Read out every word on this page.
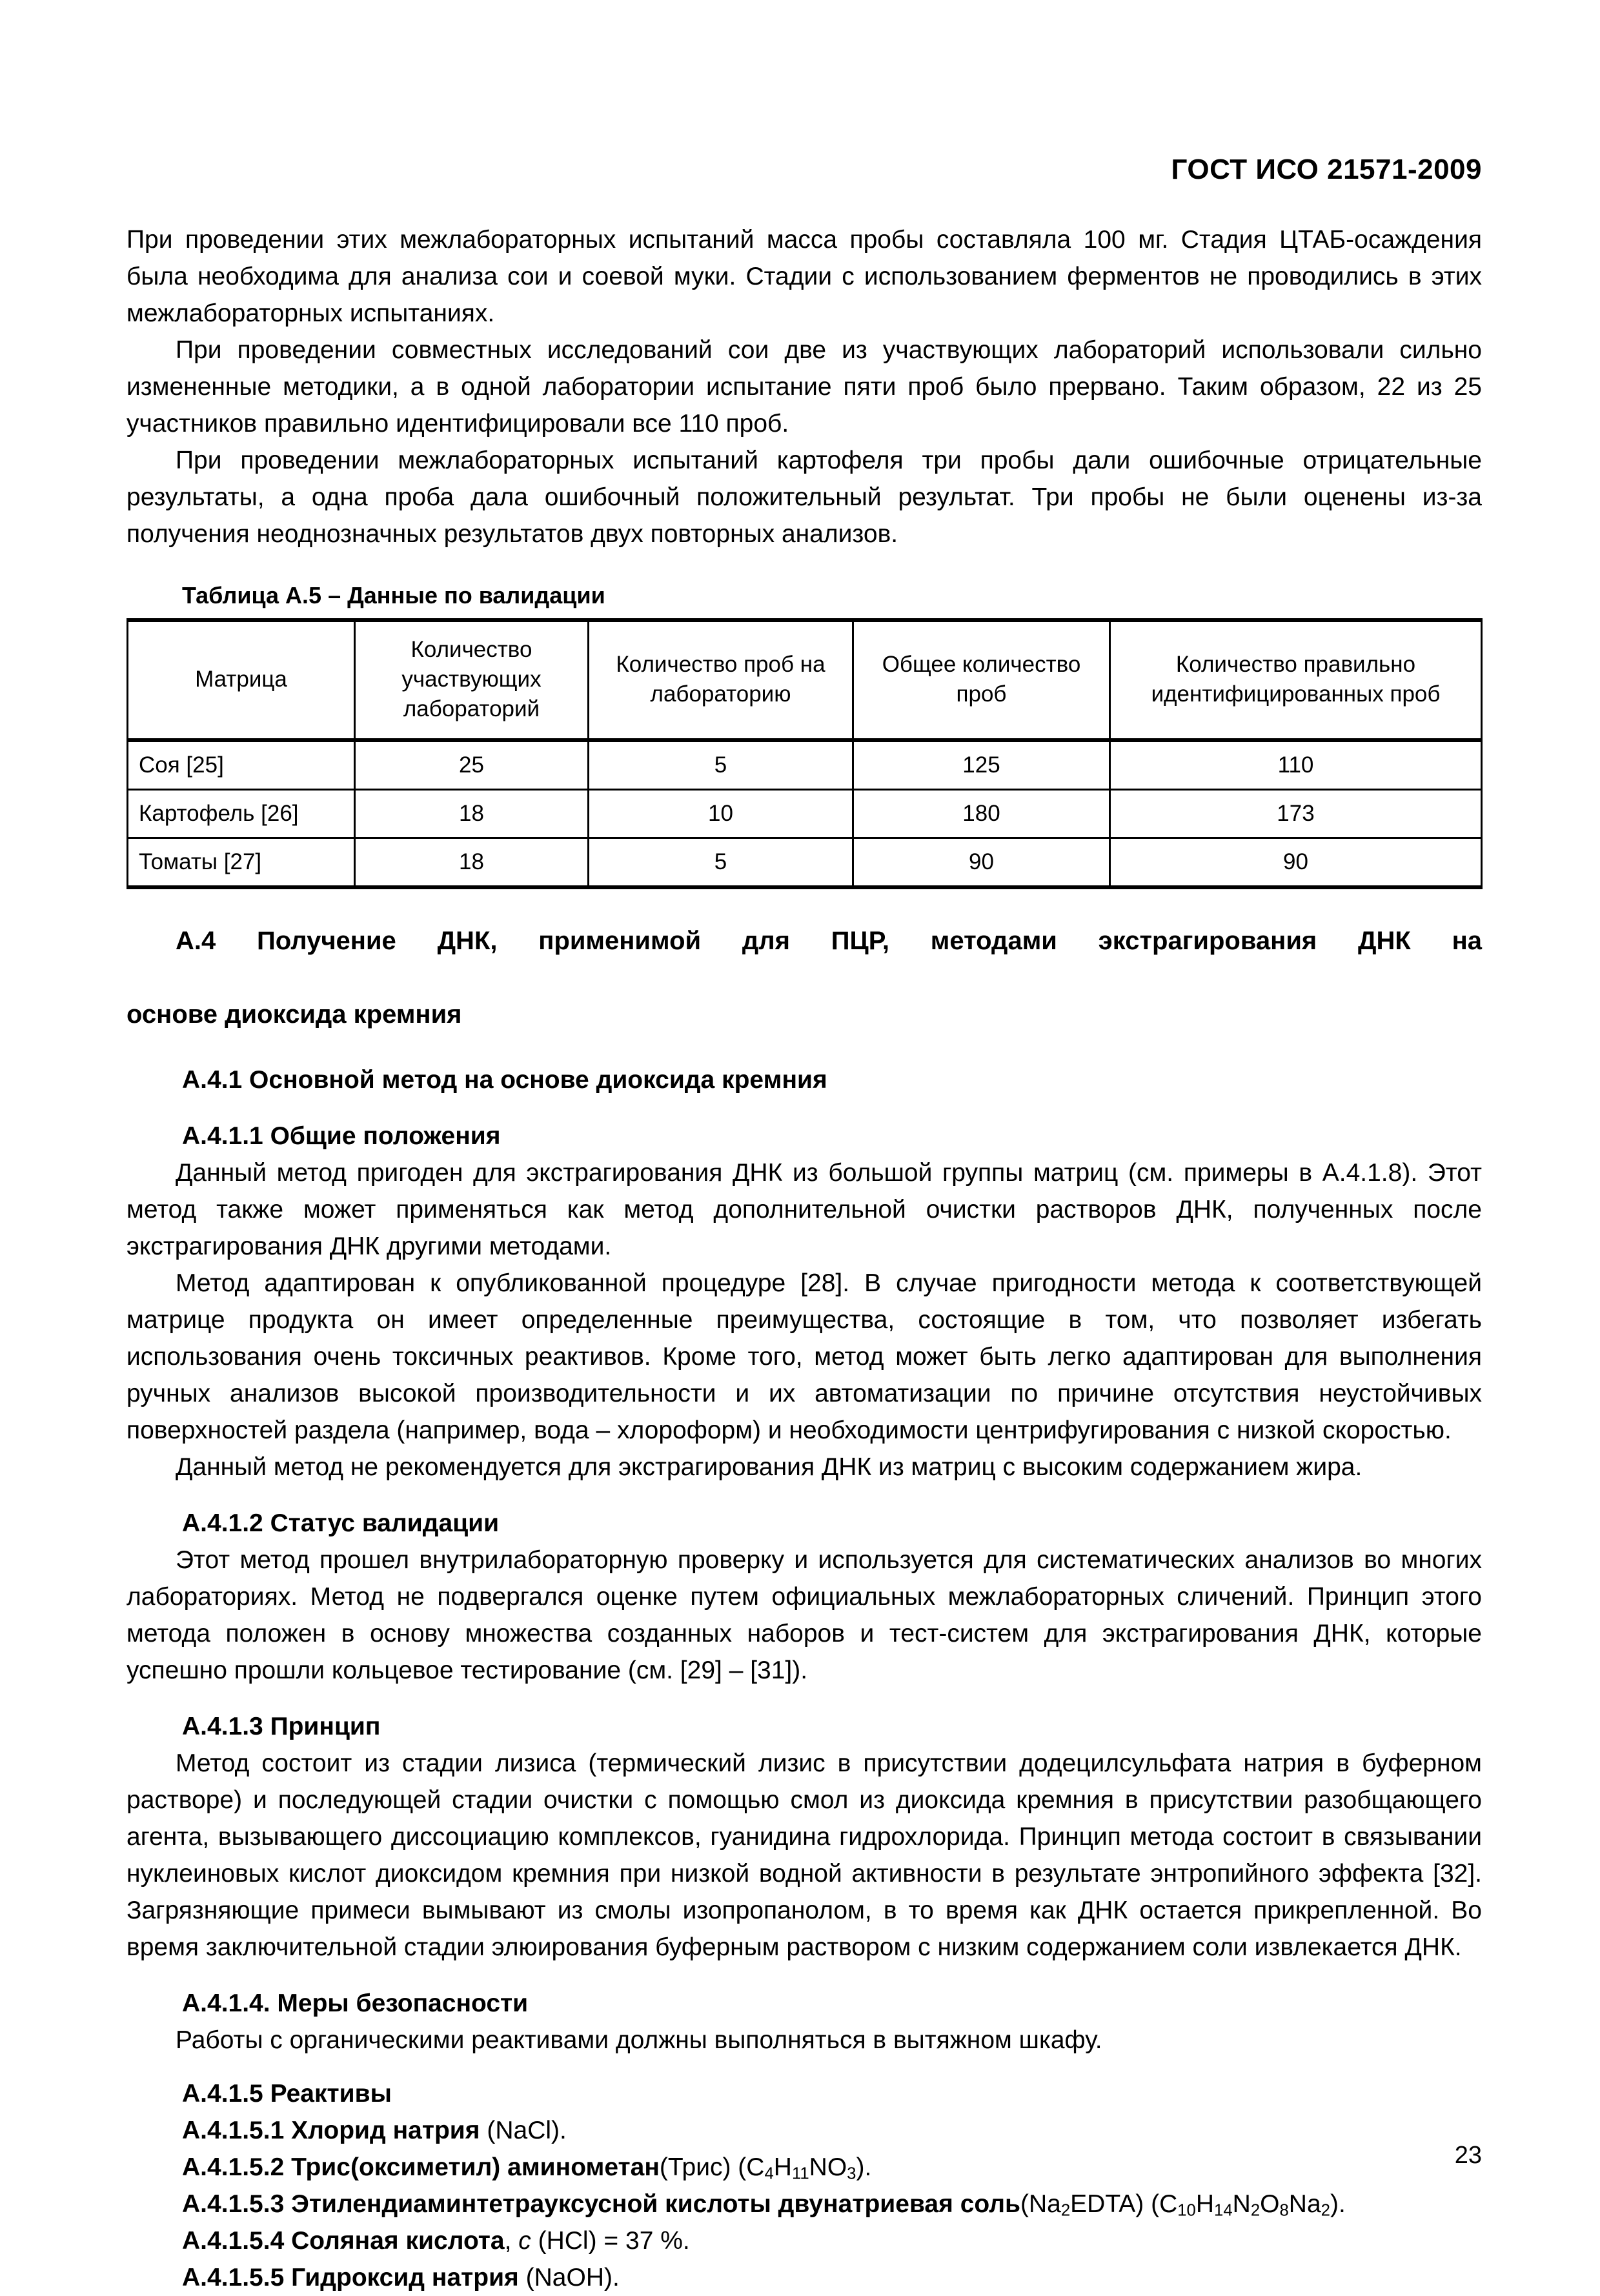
ГОСТ ИСО 21571-2009

При проведении этих межлабораторных испытаний масса пробы составляла 100 мг. Стадия ЦТАБ-осаждения была необходима для анализа сои и соевой муки. Стадии с использованием ферментов не проводились в этих межлабораторных испытаниях.

При проведении совместных исследований сои две из участвующих лабораторий использовали сильно измененные методики, а в одной лаборатории испытание пяти проб было прервано. Таким образом, 22 из 25 участников правильно идентифицировали все 110 проб.

При проведении межлабораторных испытаний картофеля три пробы дали ошибочные отрицательные результаты, а одна проба дала ошибочный положительный результат. Три пробы не были оценены из-за получения неоднозначных результатов двух повторных анализов.

Таблица А.5 – Данные по валидации
Матрица	Количество участвующих лабораторий	Количество проб на лабораторию	Общее количество проб	Количество правильно идентифицированных проб
Соя [25]	25	5	125	110
Картофель [26]	18	10	180	173
Томаты [27]	18	5	90	90
А.4 Получение ДНК, применимой для ПЦР, методами экстрагирования ДНК на
основе диоксида кремния
А.4.1 Основной метод на основе диоксида кремния
А.4.1.1 Общие положения

Данный метод пригоден для экстрагирования ДНК из большой группы матриц (см. примеры в А.4.1.8). Этот метод также может применяться как метод дополнительной очистки растворов ДНК, полученных после экстрагирования ДНК другими методами.

Метод адаптирован к опубликованной процедуре [28]. В случае пригодности метода к соответствующей матрице продукта он имеет определенные преимущества, состоящие в том, что позволяет избегать использования очень токсичных реактивов. Кроме того, метод может быть легко адаптирован для выполнения ручных анализов высокой производительности и их автоматизации по причине отсутствия неустойчивых поверхностей раздела (например, вода – хлороформ) и необходимости центрифугирования с низкой скоростью.

Данный метод не рекомендуется для экстрагирования ДНК из матриц с высоким содержанием жира.

А.4.1.2 Статус валидации

Этот метод прошел внутрилабораторную проверку и используется для систематических анализов во многих лабораториях. Метод не подвергался оценке путем официальных межлабораторных сличений. Принцип этого метода положен в основу множества созданных наборов и тест-систем для экстрагирования ДНК, которые успешно прошли кольцевое тестирование (см. [29] – [31]).

А.4.1.3 Принцип

Метод состоит из стадии лизиса (термический лизис в присутствии додецилсульфата натрия в буферном растворе) и последующей стадии очистки с помощью смол из диоксида кремния в присутствии разобщающего агента, вызывающего диссоциацию комплексов, гуанидина гидрохлорида. Принцип метода состоит в связывании нуклеиновых кислот диоксидом кремния при низкой водной активности в результате энтропийного эффекта [32]. Загрязняющие примеси вымывают из смолы изопропанолом, в то время как ДНК остается прикрепленной. Во время заключительной стадии элюирования буферным раствором с низким содержанием соли извлекается ДНК.

А.4.1.4. Меры безопасности

Работы с органическими реактивами должны выполняться в вытяжном шкафу.

А.4.1.5 Реактивы

А.4.1.5.1 Хлорид натрия (NaCl).

А.4.1.5.2 Трис(оксиметил) аминометан(Трис) $(C_4H_{11}NO_3)$.

А.4.1.5.3 Этилендиаминтетрауксусной кислоты двунатриевая $соль(Na_2EDTA)$ $(C_{10}H_{14}N_2O_8Na_2)$.

А.4.1.5.4 Соляная кислота, c (HCl) = 37 %.

А.4.1.5.5 Гидроксид натрия (NaOH).

23
